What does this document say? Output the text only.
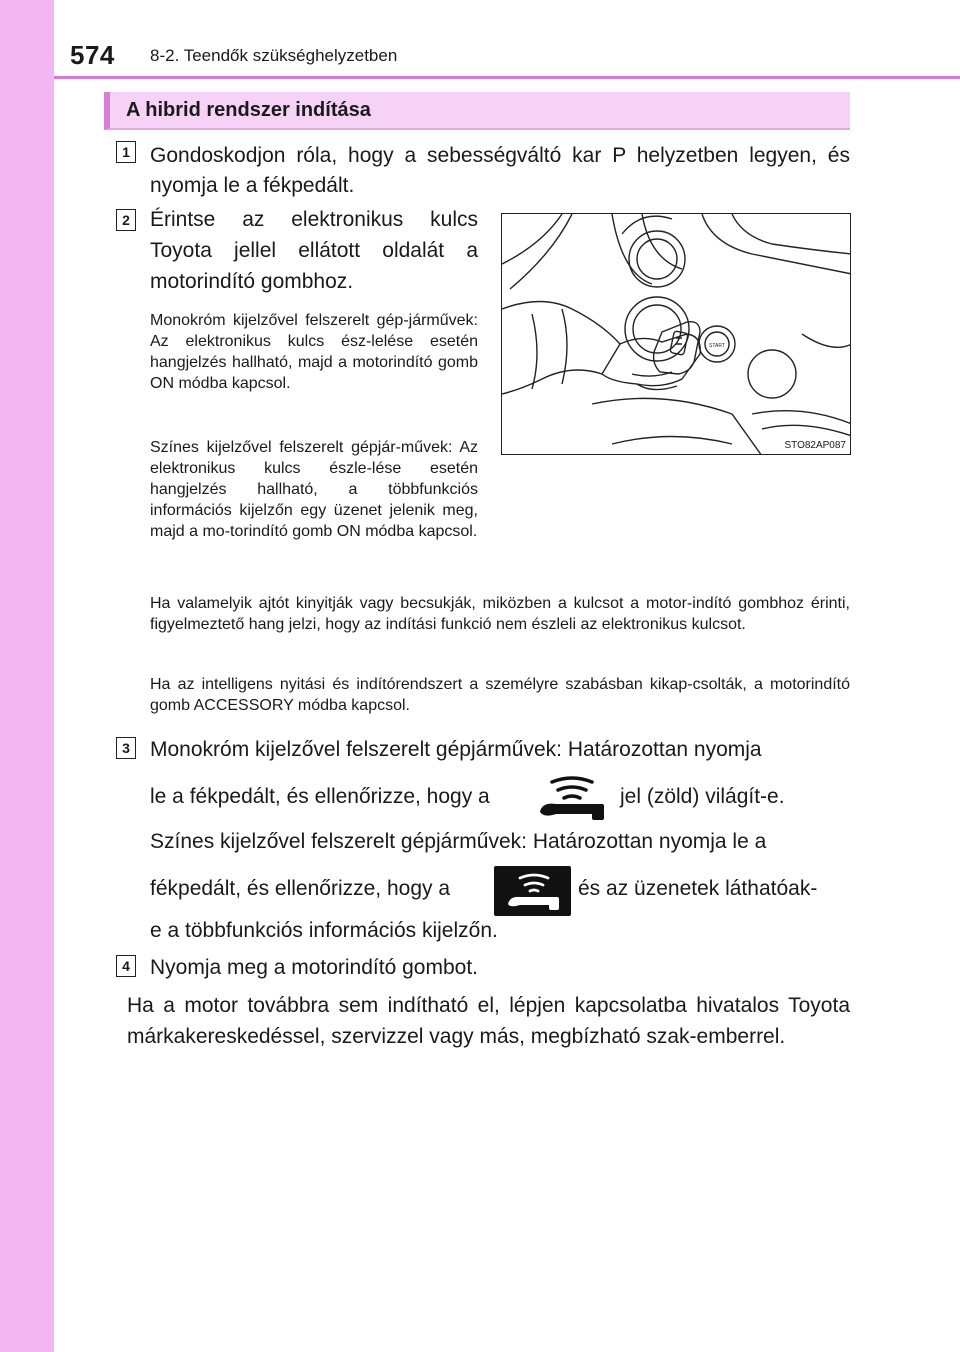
574 8-2. Teendők szükséghelyzetben
A hibrid rendszer indítása
1 Gondoskodjon róla, hogy a sebességváltó kar P helyzetben legyen, és nyomja le a fékpedált.
2 Érintse az elektronikus kulcs Toyota jellel ellátott oldalát a motorindító gombhoz.
Monokróm kijelzővel felszerelt gép-járművek: Az elektronikus kulcs ész-lelése esetén hangjelzés hallható, majd a motorindító gomb ON módba kapcsol.
Színes kijelzővel felszerelt gépjár-művek: Az elektronikus kulcs észle-lése esetén hangjelzés hallható, a többfunkciós információs kijelzőn egy üzenet jelenik meg, majd a mo-torindító gomb ON módba kapcsol.
START
STO82AP087
Ha valamelyik ajtót kinyitják vagy becsukják, miközben a kulcsot a motor-indító gombhoz érinti, figyelmeztető hang jelzi, hogy az indítási funkció nem észleli az elektronikus kulcsot.
Ha az intelligens nyitási és indítórendszert a személyre szabásban kikap-csolták, a motorindító gomb ACCESSORY módba kapcsol.
3 Monokróm kijelzővel felszerelt gépjárművek: Határozottan nyomja
le a fékpedált, és ellenőrizze, hogy a	jel (zöld) világít-e.
Színes kijelzővel felszerelt gépjárművek: Határozottan nyomja le a
fékpedált, és ellenőrizze, hogy a	és az üzenetek láthatóak-
e a többfunkciós információs kijelzőn.
4 Nyomja meg a motorindító gombot.
Ha a motor továbbra sem indítható el, lépjen kapcsolatba hivatalos Toyota márkakereskedéssel, szervizzel vagy más, megbízható szak-emberrel.
